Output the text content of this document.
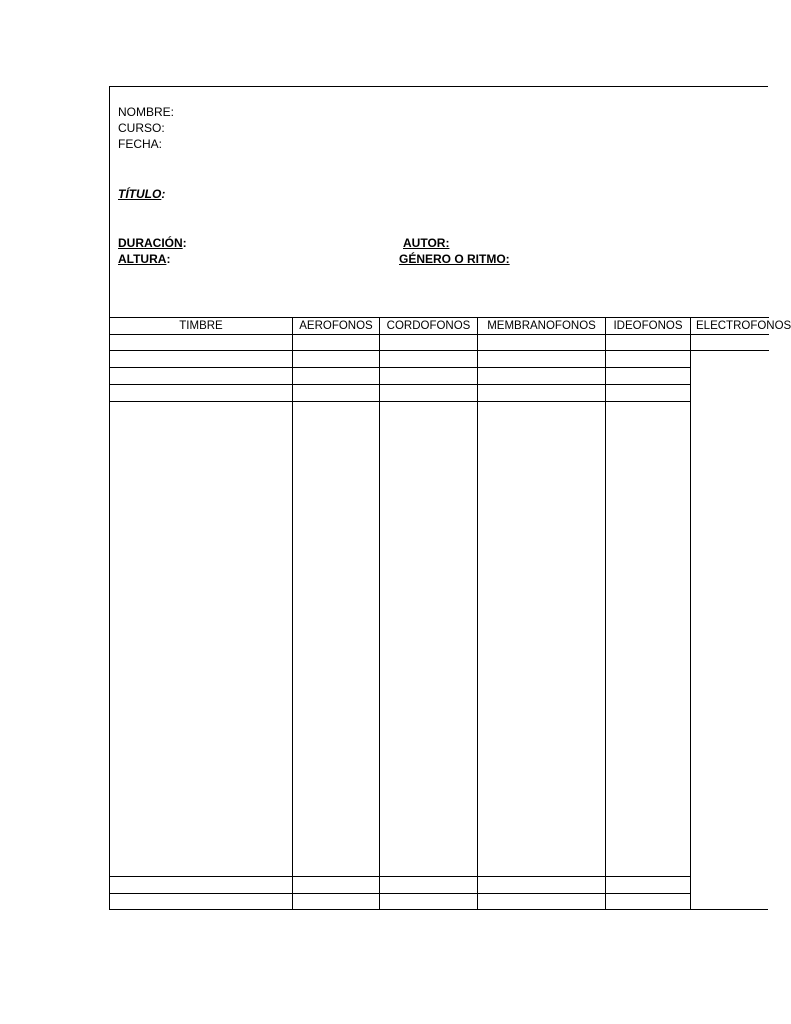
NOMBRE:
CURSO:
FECHA:
TÍTULO:
DURACIÓN:	AUTOR:
ALTURA:	GÉNERO O RITMO:
TIMBRE	AEROFONOS	CORDOFONOS	MEMBRANOFONOS	IDEOFONOS	ELECTROFONOS
